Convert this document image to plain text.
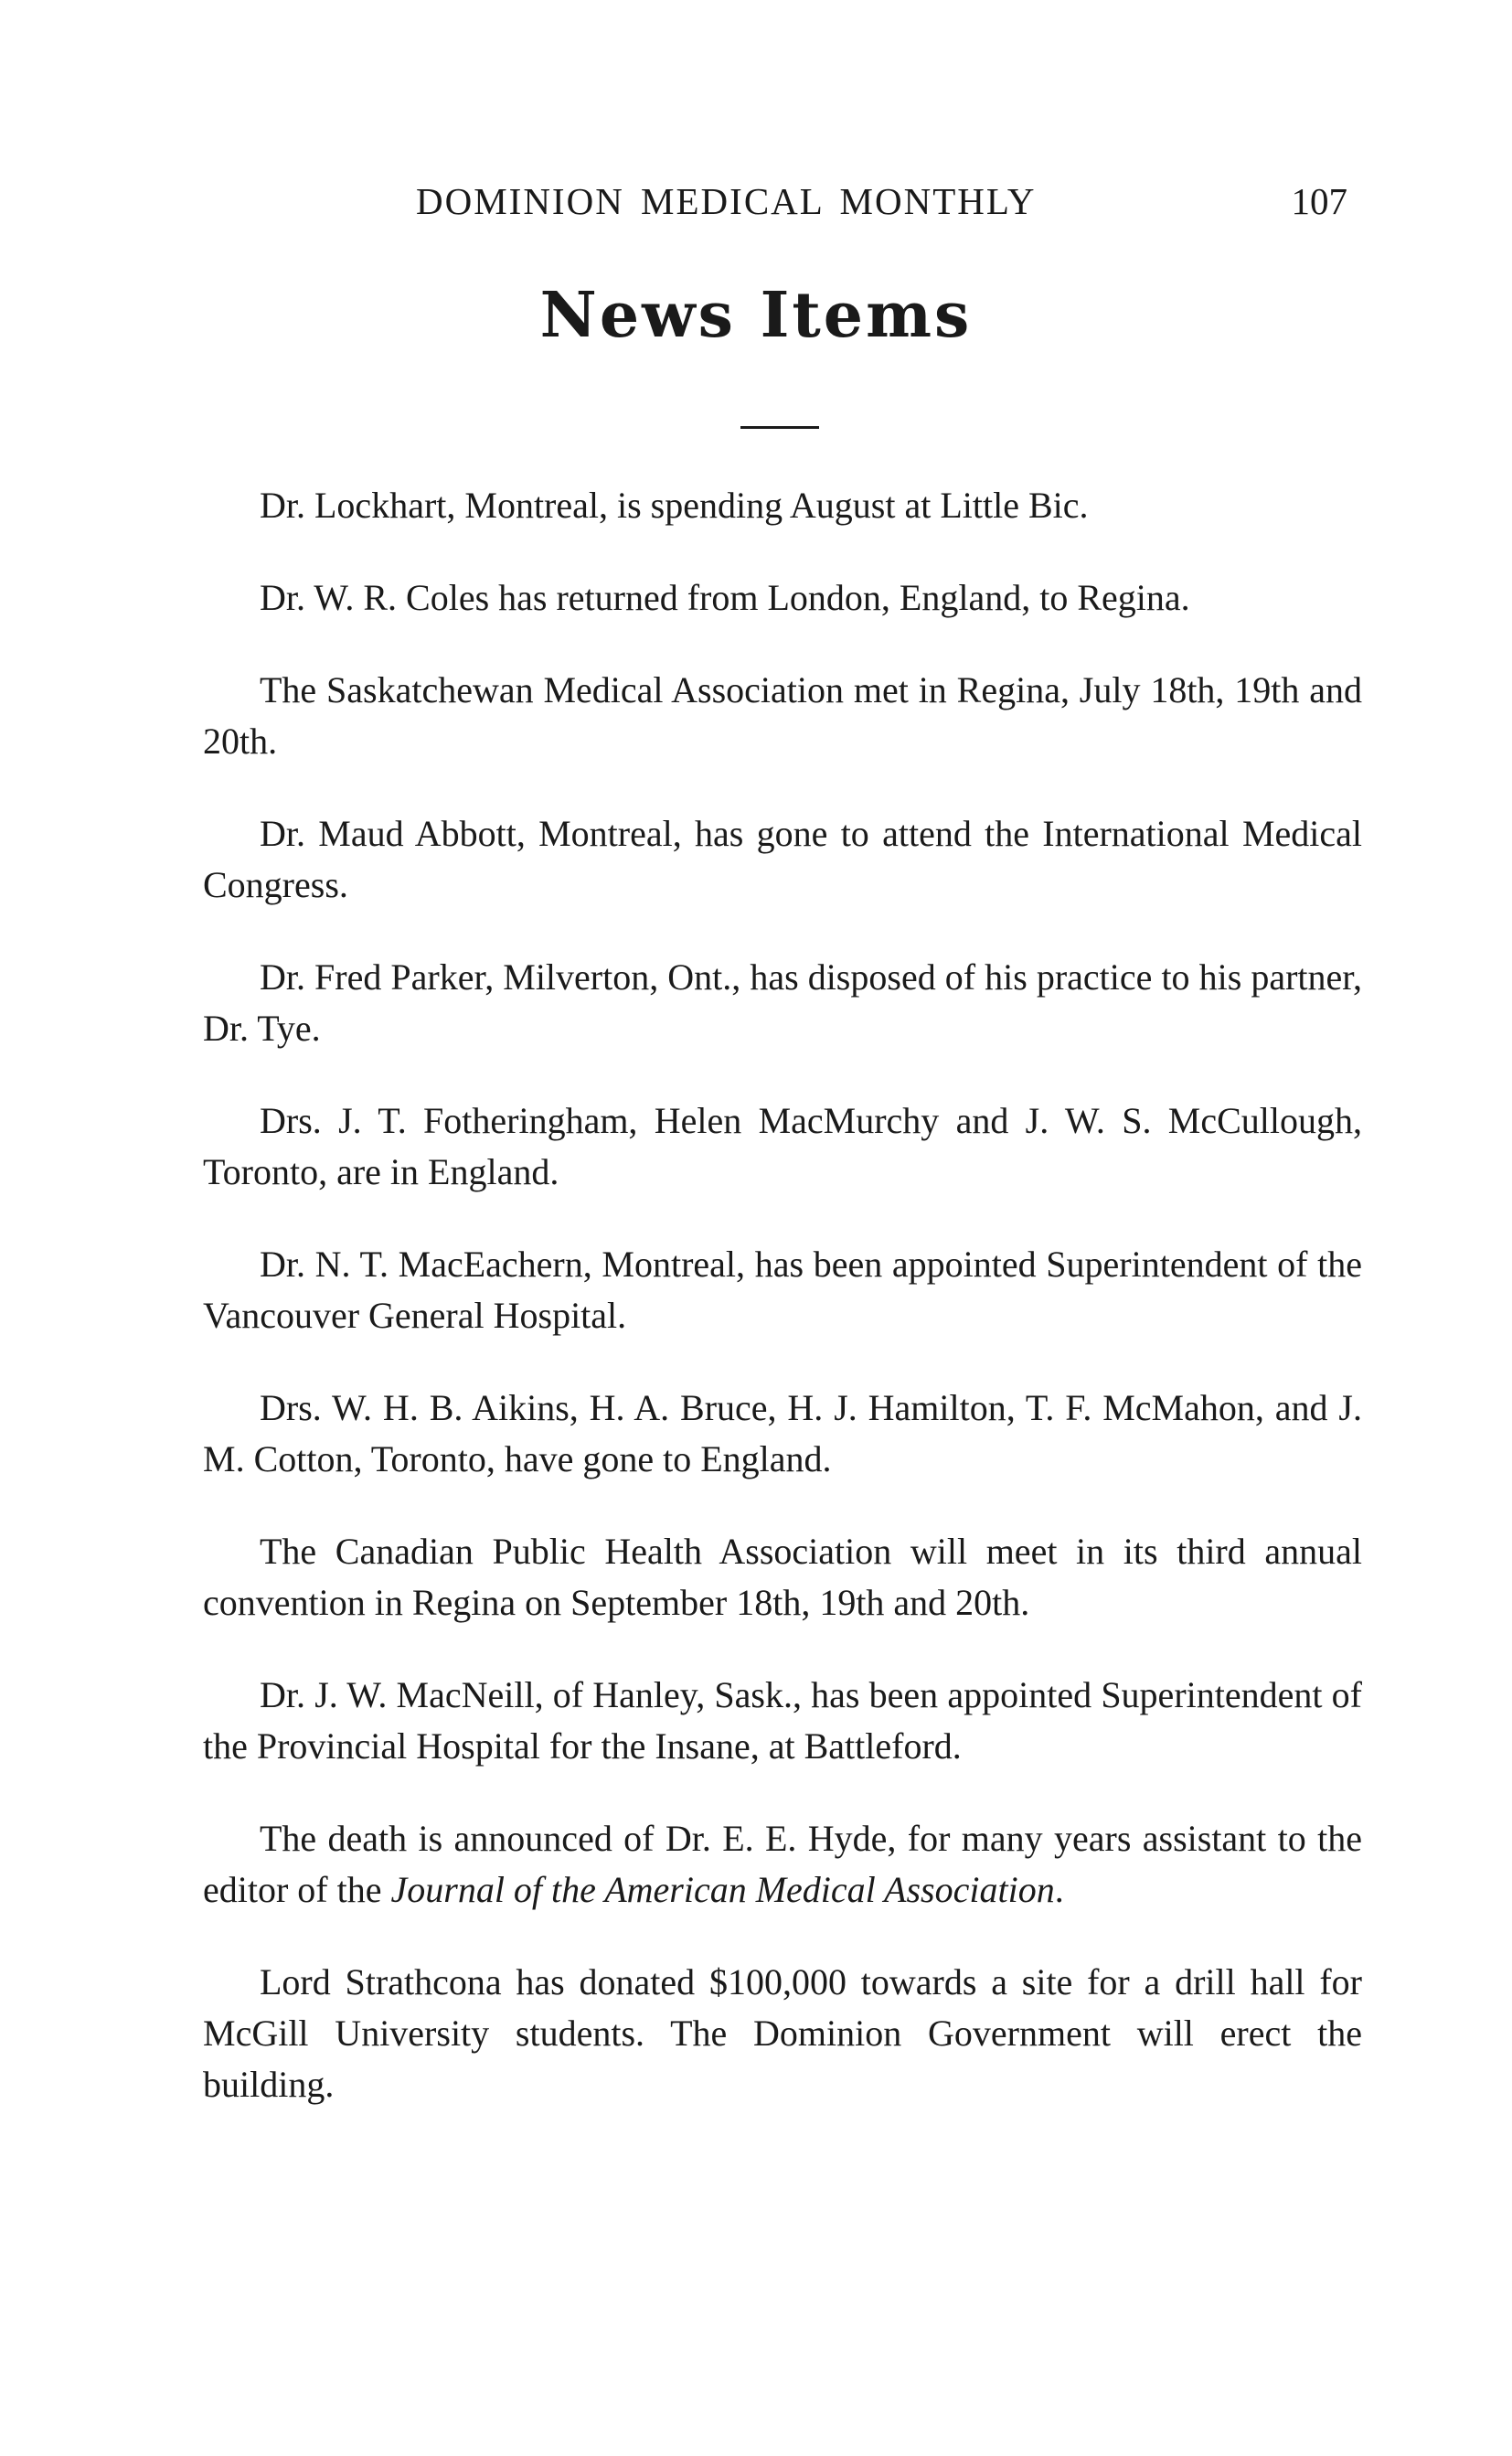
DOMINION MEDICAL MONTHLY	107
News Items

Dr. Lockhart, Montreal, is spending August at Little Bic.

Dr. W. R. Coles has returned from London, England, to Regina.

The Saskatchewan Medical Association met in Regina, July 18th, 19th and 20th.

Dr. Maud Abbott, Montreal, has gone to attend the International Medical Congress.

Dr. Fred Parker, Milverton, Ont., has disposed of his practice to his partner, Dr. Tye.

Drs. J. T. Fotheringham, Helen MacMurchy and J. W. S. McCullough, Toronto, are in England.

Dr. N. T. MacEachern, Montreal, has been appointed Superintendent of the Vancouver General Hospital.

Drs. W. H. B. Aikins, H. A. Bruce, H. J. Hamilton, T. F. McMahon, and J. M. Cotton, Toronto, have gone to England.

The Canadian Public Health Association will meet in its third annual convention in Regina on September 18th, 19th and 20th.

Dr. J. W. MacNeill, of Hanley, Sask., has been appointed Superintendent of the Provincial Hospital for the Insane, at Battleford.

The death is announced of Dr. E. E. Hyde, for many years assistant to the editor of the Journal of the American Medical Association.

Lord Strathcona has donated $100,000 towards a site for a drill hall for McGill University students. The Dominion Government will erect the building.
